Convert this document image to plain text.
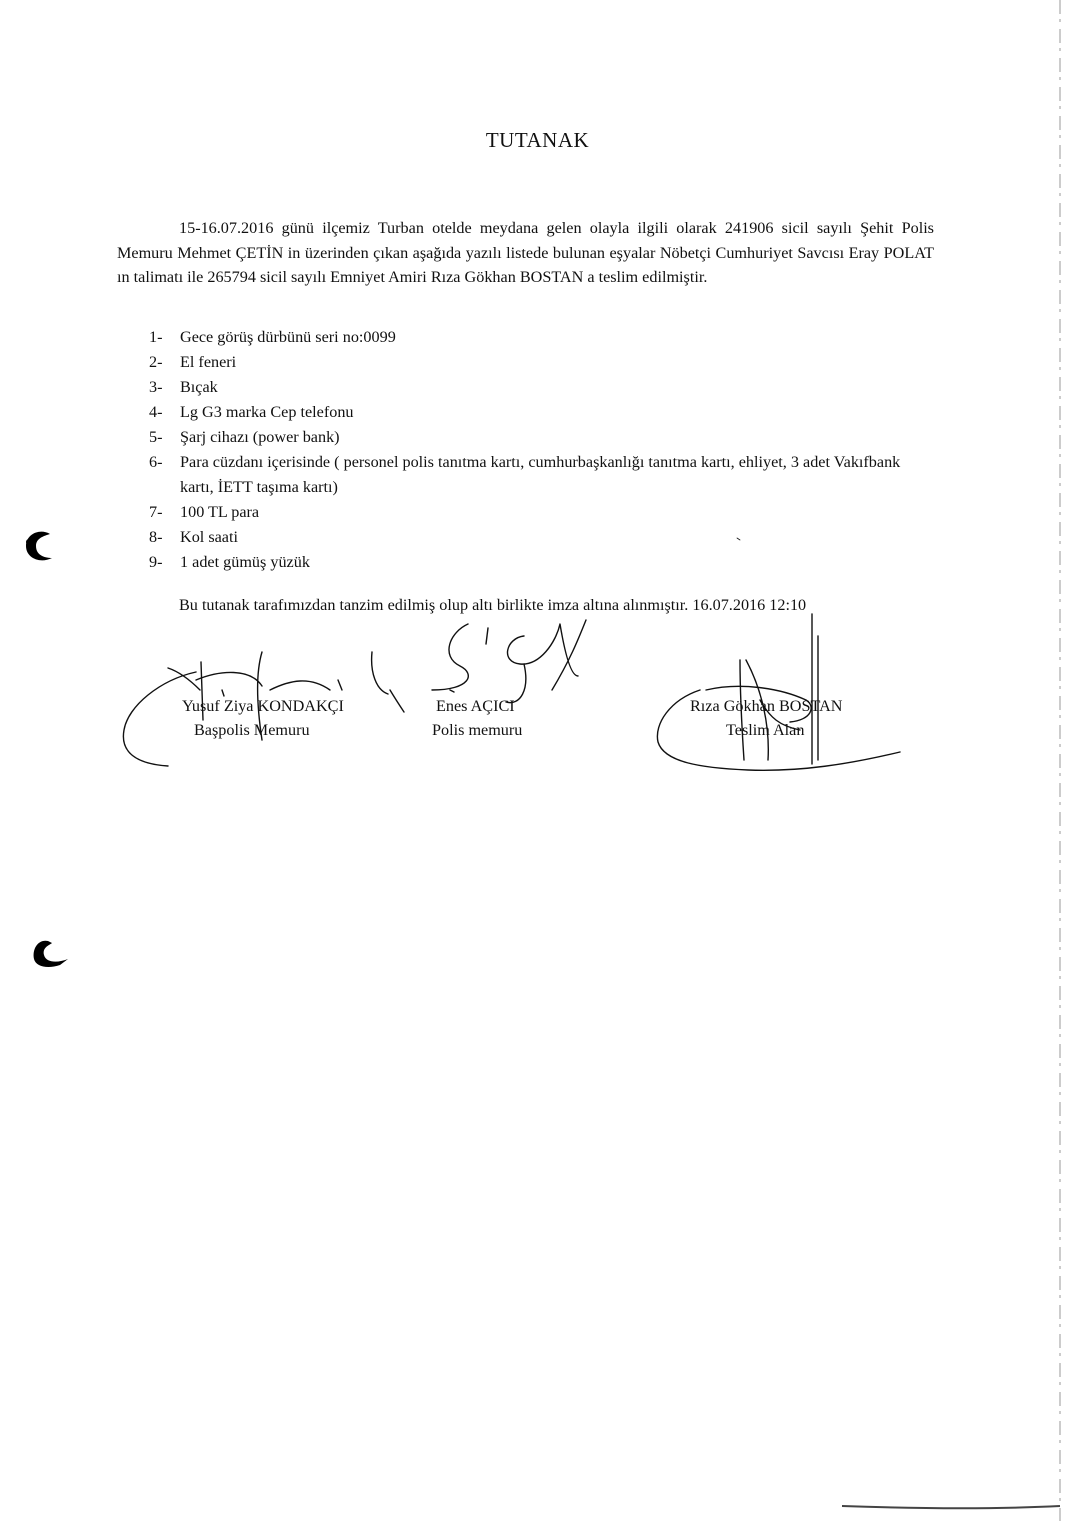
TUTANAK
15-16.07.2016 günü ilçemiz Turban otelde meydana gelen olayla ilgili olarak 241906 sicil sayılı Şehit Polis Memuru Mehmet ÇETİN in üzerinden çıkan aşağıda yazılı listede bulunan eşyalar Nöbetçi Cumhuriyet Savcısı Eray POLAT ın talimatı ile 265794 sicil sayılı Emniyet Amiri Rıza Gökhan BOSTAN a teslim edilmiştir.
1- Gece görüş dürbünü seri no:0099
2- El feneri
3- Bıçak
4- Lg G3 marka Cep telefonu
5- Şarj cihazı (power bank)
6- Para cüzdanı içerisinde ( personel polis tanıtma kartı, cumhurbaşkanlığı tanıtma kartı, ehliyet, 3 adet Vakıfbank kartı, İETT taşıma kartı)
7- 100 TL para
8- Kol saati
9- 1 adet gümüş yüzük
Bu tutanak tarafımızdan tanzim edilmiş olup altı birlikte imza altına alınmıştır. 16.07.2016 12:10
Yusuf Ziya KONDAKÇI
Başpolis Memuru
Enes AÇICI
Polis memuru
Rıza Gökhan BOSTAN
Teslim Alan
